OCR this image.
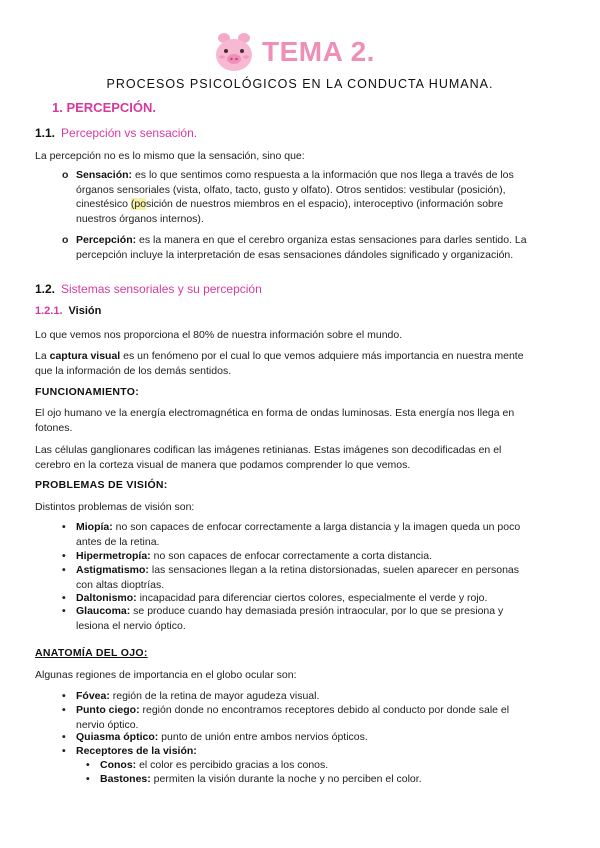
TEMA 2.
PROCESOS PSICOLÓGICOS EN LA CONDUCTA HUMANA.
1. PERCEPCIÓN.
1.1. Percepción vs sensación.
La percepción no es lo mismo que la sensación, sino que:
o Sensación: es lo que sentimos como respuesta a la información que nos llega a través de los
órganos sensoriales (vista, olfato, tacto, gusto y olfato). Otros sentidos: vestibular (posición),
cinestésico (posición de nuestros miembros en el espacio), interoceptivo (información sobre
nuestros órganos internos).
o Percepción: es la manera en que el cerebro organiza estas sensaciones para darles sentido. La
percepción incluye la interpretación de esas sensaciones dándoles significado y organización.
1.2. Sistemas sensoriales y su percepción
1.2.1. Visión
Lo que vemos nos proporciona el 80% de nuestra información sobre el mundo.
La captura visual es un fenómeno por el cual lo que vemos adquiere más importancia en nuestra mente
que la información de los demás sentidos.
FUNCIONAMIENTO:
El ojo humano ve la energía electromagnética en forma de ondas luminosas. Esta energía nos llega en
fotones.
Las células ganglionares codifican las imágenes retinianas. Estas imágenes son decodificadas en el
cerebro en la corteza visual de manera que podamos comprender lo que vemos.
PROBLEMAS DE VISIÓN:
Distintos problemas de visión son:
• Miopía: no son capaces de enfocar correctamente a larga distancia y la imagen queda un poco
antes de la retina.
• Hipermetropía: no son capaces de enfocar correctamente a corta distancia.
• Astigmatismo: las sensaciones llegan a la retina distorsionadas, suelen aparecer en personas
con altas dioptrías.
• Daltonismo: incapacidad para diferenciar ciertos colores, especialmente el verde y rojo.
• Glaucoma: se produce cuando hay demasiada presión intraocular, por lo que se presiona y
lesiona el nervio óptico.
ANATOMÍA DEL OJO:
Algunas regiones de importancia en el globo ocular son:
• Fóvea: región de la retina de mayor agudeza visual.
• Punto ciego: región donde no encontramos receptores debido al conducto por donde sale el
nervio óptico.
• Quiasma óptico: punto de unión entre ambos nervios ópticos.
• Receptores de la visión:
• Conos: el color es percibido gracias a los conos.
• Bastones: permiten la visión durante la noche y no perciben el color.
